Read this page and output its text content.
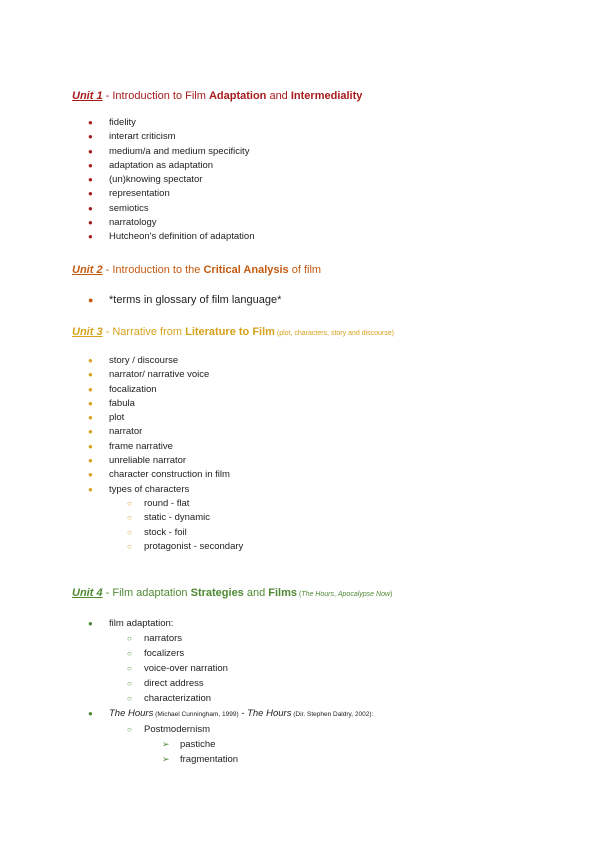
Unit 1 - Introduction to Film Adaptation and Intermediality
● fidelity
● interart criticism
● medium/a and medium specificity
● adaptation as adaptation
● (un)knowing spectator
● representation
● semiotics
● narratology
● Hutcheon's definition of adaptation
Unit 2 - Introduction to the Critical Analysis of film
● *terms in glossary of film language*
Unit 3 - Narrative from Literature to Film (plot, characters, story and discourse)
● story / discourse
● narrator/ narrative voice
● focalization
● fabula
● plot
● narrator
● frame narrative
● unreliable narrator
● character construction in film
● types of characters
○ round - flat
○ static - dynamic
○ stock - foil
○ protagonist - secondary
Unit 4 - Film adaptation Strategies and Films (The Hours, Apocalypse Now)
● film adaptation:
○ narrators
○ focalizers
○ voice-over narration
○ direct address
○ characterization
● The Hours (Michael Cunningham, 1999) - The Hours (Dir. Stephen Daldry, 2002):
○ Postmodernism
➢ pastiche
➢ fragmentation
